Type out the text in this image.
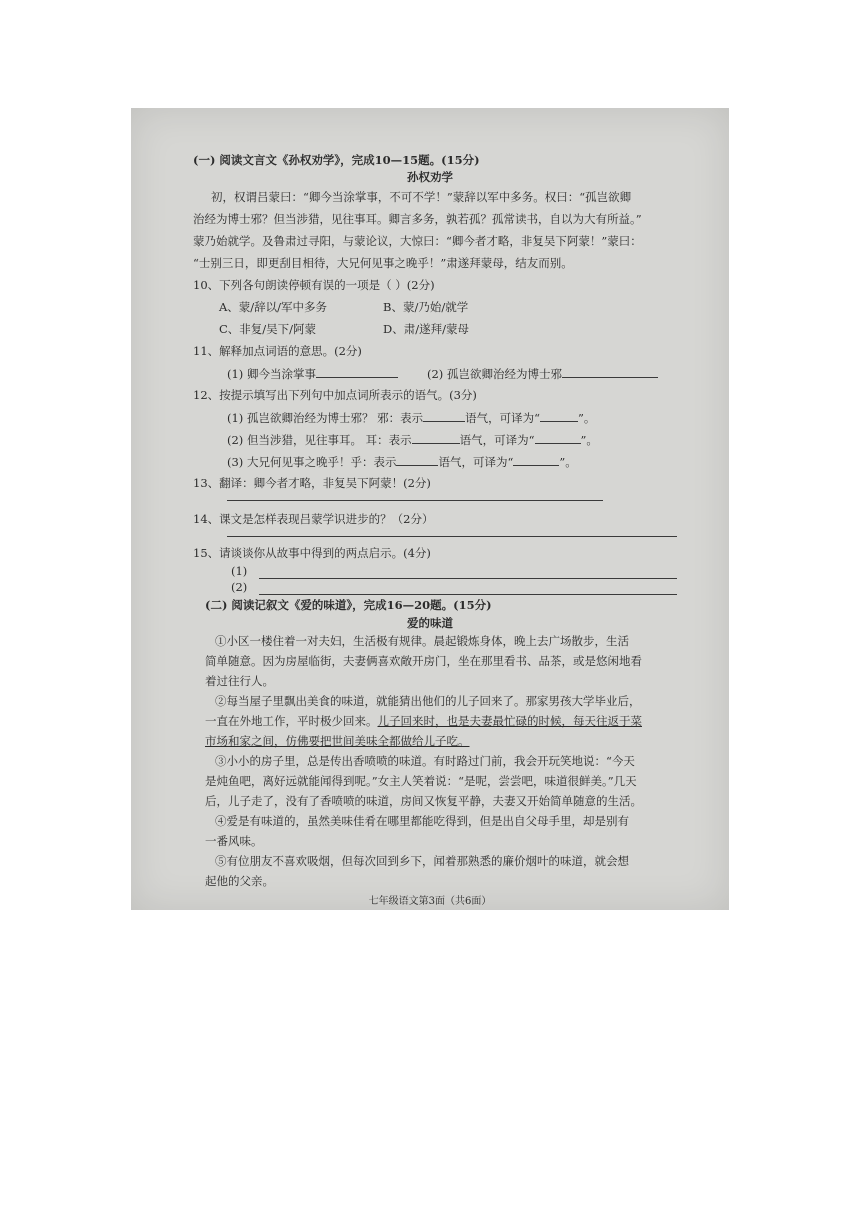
(一) 阅读文言文《孙权劝学》，完成10—15题。(15分)
孙权劝学
初，权谓吕蒙曰：“卿今当涂掌事，不可不学！”蒙辞以军中多务。权曰：“孤岂欲卿
治经为博士邪？但当涉猎，见往事耳。卿言多务，孰若孤？孤常读书，自以为大有所益。”
蒙乃始就学。及鲁肃过寻阳，与蒙论议，大惊曰：“卿今者才略，非复吴下阿蒙！”蒙曰：
“士别三日，即更刮目相待，大兄何见事之晚乎！”肃遂拜蒙母，结友而别。
10、下列各句朗读停顿有误的一项是（ ）(2分)
A、蒙/辞以/军中多务	B、蒙/乃始/就学
C、非复/吴下/阿蒙	D、肃/遂拜/蒙母
11、解释加点词语的意思。(2分)
(1) 卿今当涂掌事	(2) 孤岂欲卿治经为博士邪
12、按提示填写出下列句中加点词所表示的语气。(3分)
(1) 孤岂欲卿治经为博士邪？ 邪：表示	语气，可译为“	”。
(2) 但当涉猎，见往事耳。 耳：表示	语气，可译为“	”。
(3) 大兄何见事之晚乎！乎：表示	语气，可译为“	”。
13、翻译：卿今者才略，非复吴下阿蒙！(2分)
14、课文是怎样表现吕蒙学识进步的？（2分）
15、请谈谈你从故事中得到的两点启示。(4分)
(1)
(2)
(二) 阅读记叙文《爱的味道》，完成16—20题。(15分)
爱的味道
①小区一楼住着一对夫妇，生活极有规律。晨起锻炼身体，晚上去广场散步，生活
简单随意。因为房屋临街，夫妻俩喜欢敞开房门，坐在那里看书、品茶，或是悠闲地看
着过往行人。
②每当屋子里飘出美食的味道，就能猜出他们的儿子回来了。那家男孩大学毕业后，
一直在外地工作，平时极少回来。儿子回来时，也是夫妻最忙碌的时候，每天往返于菜
市场和家之间，仿佛要把世间美味全都做给儿子吃。
③小小的房子里，总是传出香喷喷的味道。有时路过门前，我会开玩笑地说：“今天
是炖鱼吧，离好远就能闻得到呢。”女主人笑着说：“是呢，尝尝吧，味道很鲜美。”几天
后，儿子走了，没有了香喷喷的味道，房间又恢复平静，夫妻又开始简单随意的生活。
④爱是有味道的，虽然美味佳肴在哪里都能吃得到，但是出自父母手里，却是别有
一番风味。
⑤有位朋友不喜欢吸烟，但每次回到乡下，闻着那熟悉的廉价烟叶的味道，就会想
起他的父亲。
七年级语文第3面（共6面）
